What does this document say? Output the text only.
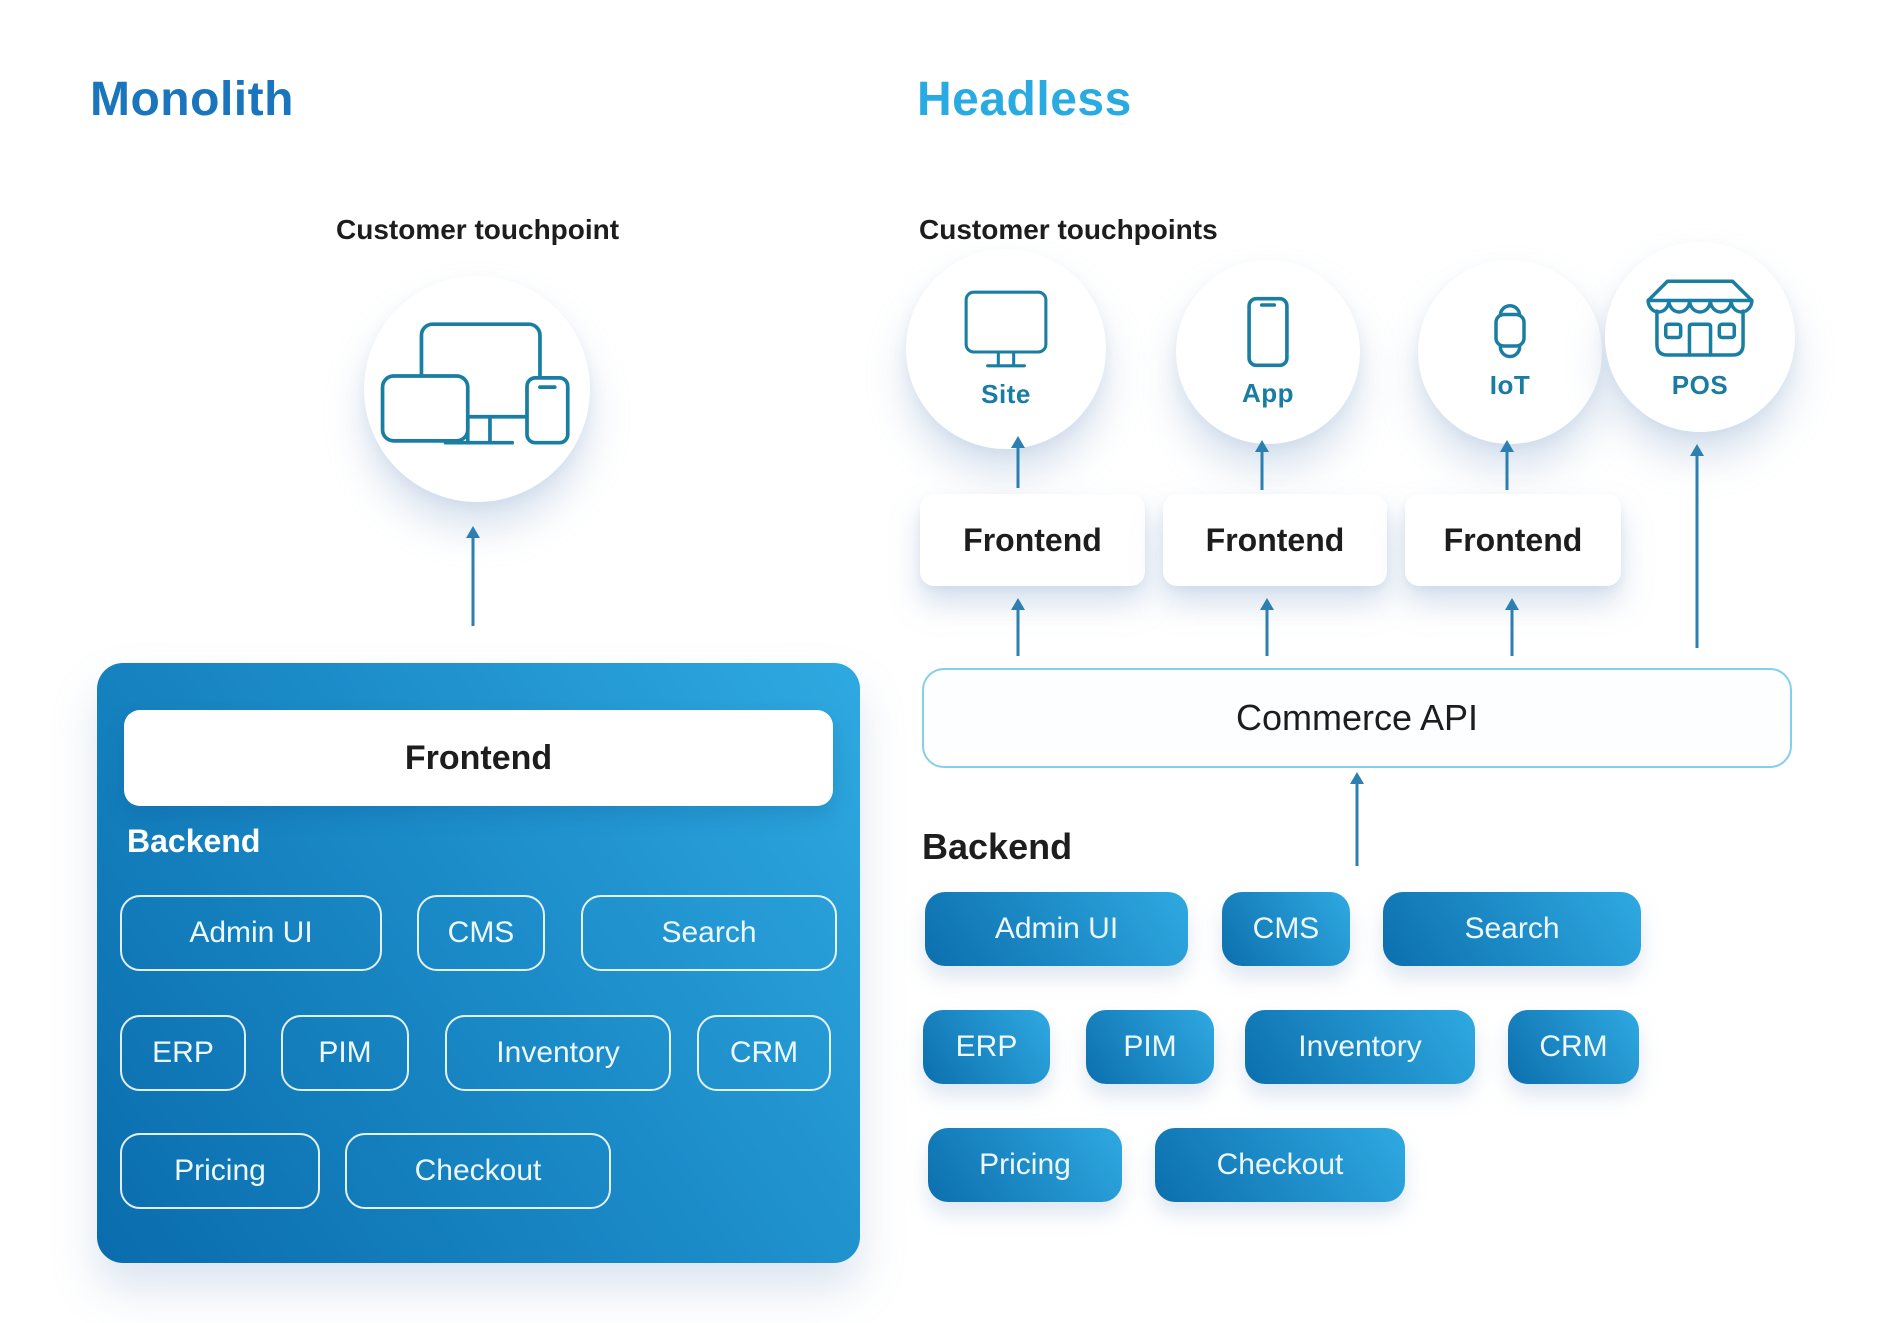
Monolith
Customer touchpoint
Frontend
Backend
Admin UI	CMS	Search
ERP	PIM	Inventory	CRM
Pricing	Checkout
Headless
Customer touchpoints
Site	App	IoT	POS
Frontend	Frontend	Frontend
Commerce API
Backend
Admin UI	CMS	Search
ERP	PIM	Inventory	CRM
Pricing	Checkout
